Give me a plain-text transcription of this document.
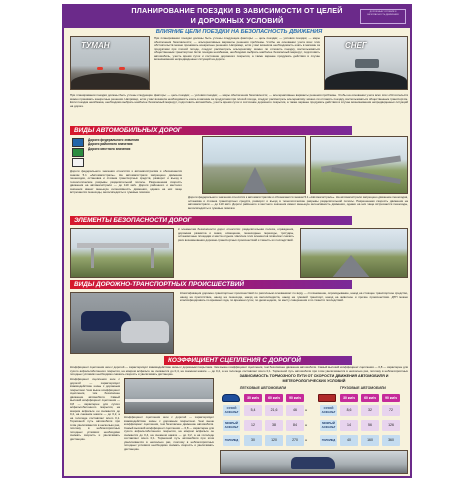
ПЛАНИРОВАНИЕ ПОЕЗДКИ В ЗАВИСИМОСТИ ОТ ЦЕЛЕЙ
И ДОРОЖНЫХ УСЛОВИЙ
ДОРОЖНЫЕ УСЛОВИЯ И БЕЗОПАСНОСТЬ ДВИЖЕНИЯ
ВЛИЯНИЕ ЦЕЛИ ПОЕЗДКИ НА БЕЗОПАСНОСТЬ ДВИЖЕНИЯ
ТУМАН	СНЕГ
При планировании поездки должны быть учтены следующие факторы: — цель поездки; — условия поездки; — меры обеспечения безопасности; — альтернативные варианты решения проблемы. Чтобы на основании учета всех этих обстоятельств можно принимать конкретные решения. Например, если у вас возникла необходимость ехать в магазин за продуктами при плохой погоде, следует рассмотреть альтернативу: можно ли отложить поездку, воспользоваться общественным транспортом. Если поездка неизбежна, необходимо выбрать наиболее безопасный маршрут, подготовить автомобиль, учесть время суток и состояние дорожного покрытия, а также заранее продумать действия в случае возникновения непредвиденных ситуаций на дороге.
При планировании поездки должны быть учтены следующие факторы: — цель поездки; — условия поездки; — меры обеспечения безопасности; — альтернативные варианты решения проблемы. Чтобы на основании учета всех этих обстоятельств можно принимать конкретные решения. Например, если у вас возникла необходимость ехать в магазин за продуктами при плохой погоде, следует рассмотреть альтернативу: можно ли отложить поездку, воспользоваться общественным транспортом. Если поездка неизбежна, необходимо выбрать наиболее безопасный маршрут, подготовить автомобиль, учесть время суток и состояние дорожного покрытия, а также заранее продумать действия в случае возникновения непредвиденных ситуаций на дороге.
ВИДЫ АВТОМОБИЛЬНЫХ ДОРОГ
Дороги федерального значения
Дороги районного значения
Дороги местного значения
Дороги федерального значения относятся к автомагистралям и обозначаются знаком 5.1 «Автомагистраль». На автомагистрали запрещено движение пешеходов, остановка и стоянка транспортных средств, разворот и въезд в технологические разрывы разделительной полосы. Разрешенная скорость движения на автомагистрали — до 110 км/ч. Дороги районного и местного значения имеют меньшую интенсивность движения, однако на них чаще встречаются пешеходы, велосипедисты и гужевые повозки.
Дороги федерального значения относятся к автомагистралям и обозначаются знаком 5.1 «Автомагистраль». На автомагистрали запрещено движение пешеходов, остановка и стоянка транспортных средств, разворот и въезд в технологические разрывы разделительной полосы. Разрешенная скорость движения на автомагистрали — до 110 км/ч. Дороги районного и местного значения имеют меньшую интенсивность движения, однако на них чаще встречаются пешеходы, велосипедисты и гужевые повозки.
ЭЛЕМЕНТЫ БЕЗОПАСНОСТИ ДОРОГ
К элементам безопасности дорог относятся: разделительная полоса, ограждения, дорожная разметка и знаки, освещение, пешеходные переходы, тротуары, остановочные площадки и места отдыха. Наличие этих элементов позволяет снизить риск возникновения дорожно-транспортных происшествий и тяжесть их последствий.
ВИДЫ ДОРОЖНО-ТРАНСПОРТНЫХ ПРОИСШЕСТВИЙ
Классификация дорожно-транспортных происшествий по различным основаниям: по виду — столкновение, опрокидывание, наезд на стоящее транспортное средство, наезд на препятствие, наезд на пешехода, наезд на велосипедиста, наезд на гужевой транспорт, наезд на животное и прочие происшествия. ДТП можно классифицировать по времени года, по времени суток, по дням недели, по месту совершения и по тяжести последствий.
КОЭФФИЦИЕНТ СЦЕПЛЕНИЯ С ДОРОГОЙ
Коэффициент сцепления шин с дорогой — характеризует взаимодействие шины с дорожным покрытием. Чем выше коэффициент сцепления, тем безопаснее движение автомобиля. Самый высокий коэффициент сцепления — 0,8 — характерен для сухого асфальтобетонного покрытия, на мокром асфальте он снижается до 0,4, на снежном накате — до 0,2, а на гололеде составляет всего 0,1. Тормозной путь автомобиля при этом увеличивается в несколько раз, поэтому в неблагоприятных погодных условиях необходимо снижать скорость и увеличивать дистанцию.
Коэффициент сцепления шин с дорогой — характеризует взаимодействие шины с дорожным покрытием. Чем выше коэффициент сцепления, тем безопаснее движение автомобиля. Самый высокий коэффициент сцепления — 0,8 — характерен для сухого асфальтобетонного покрытия, на мокром асфальте он снижается до 0,4, на снежном накате — до 0,2, а на гололеде составляет всего 0,1. Тормозной путь автомобиля при этом увеличивается в несколько раз, поэтому в неблагоприятных погодных условиях необходимо снижать скорость и увеличивать дистанцию.
Коэффициент сцепления шин с дорогой — характеризует взаимодействие шины с дорожным покрытием. Чем выше коэффициент сцепления, тем безопаснее движение автомобиля. Самый высокий коэффициент сцепления — 0,8 — характерен для сухого асфальтобетонного покрытия, на мокром асфальте он снижается до 0,4, на снежном накате — до 0,2, а на гололеде составляет всего 0,1. Тормозной путь автомобиля при этом увеличивается в несколько раз, поэтому в неблагоприятных погодных условиях необходимо снижать скорость и увеличивать дистанцию.
ЗАВИСИМОСТЬ ТОРМОЗНОГО ПУТИ ОТ СКОРОСТИ ДВИЖЕНИЯ АВТОМОБИЛЯ И МЕТЕОРОЛОГИЧЕСКИХ УСЛОВИЙ
ЛЕГКОВЫЕ АВТОМОБИЛИ	ГРУЗОВЫЕ АВТОМОБИЛИ
30 км/ч	60 км/ч	90 км/ч	30 км/ч	60 км/ч	90 км/ч
СУХОЙ АСФАЛЬТ	5,4	21,6	46
СУХОЙ АСФАЛЬТ	8,6	32	72
МОКРЫЙ АСФАЛЬТ	12	38	84
МОКРЫЙ АСФАЛЬТ	14	56	126
ГОЛОЛЕД	30	120	270	ГОЛОЛЕД	40	160	360
м
м
м
